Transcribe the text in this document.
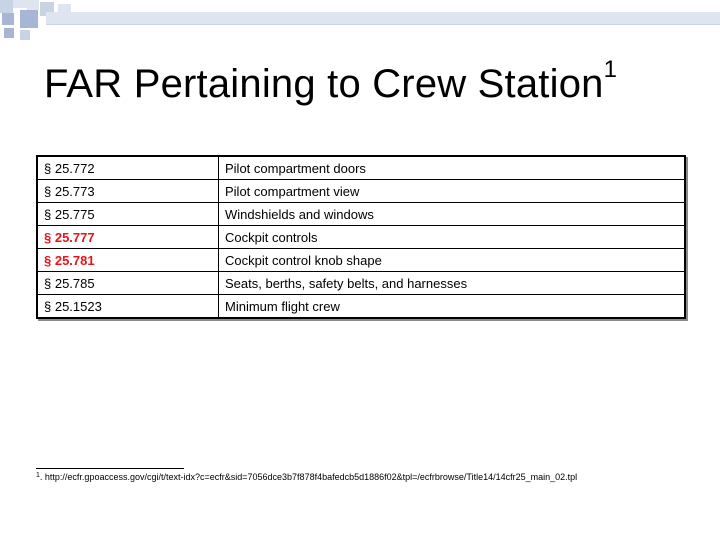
FAR Pertaining to Crew Station$^1$
§ 25.772	Pilot compartment doors
§ 25.773	Pilot compartment view
§ 25.775	Windshields and windows
§ 25.777	Cockpit controls
§ 25.781	Cockpit control knob shape
§ 25.785	Seats, berths, safety belts, and harnesses
§ 25.1523	Minimum flight crew
$^1$. http://ecfr.gpoaccess.gov/cgi/t/text-idx?c=ecfr&sid=7056dce3b7f878f4bafedcb5d1886f02&tpl=/ecfrbrowse/Title14/14cfr25_main_02.tpl
